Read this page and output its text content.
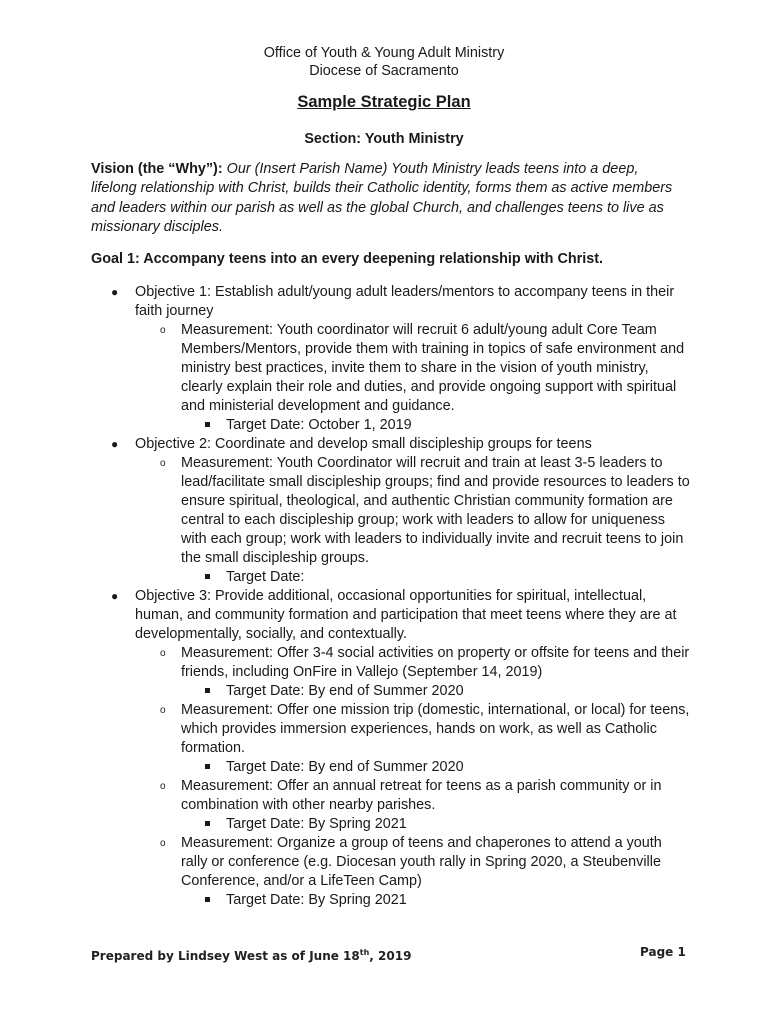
Office of Youth & Young Adult Ministry
Diocese of Sacramento
Sample Strategic Plan
Section: Youth Ministry
Vision (the “Why”): Our (Insert Parish Name) Youth Ministry leads teens into a deep, lifelong relationship with Christ, builds their Catholic identity, forms them as active members and leaders within our parish as well as the global Church, and challenges teens to live as missionary disciples.
Goal 1: Accompany teens into an every deepening relationship with Christ.
● Objective 1: Establish adult/young adult leaders/mentors to accompany teens in their faith journey
o Measurement: Youth coordinator will recruit 6 adult/young adult Core Team Members/Mentors, provide them with training in topics of safe environment and ministry best practices, invite them to share in the vision of youth ministry, clearly explain their role and duties, and provide ongoing support with spiritual and ministerial development and guidance.
Target Date: October 1, 2019
● Objective 2: Coordinate and develop small discipleship groups for teens
o Measurement: Youth Coordinator will recruit and train at least 3-5 leaders to lead/facilitate small discipleship groups; find and provide resources to leaders to ensure spiritual, theological, and authentic Christian community formation are central to each discipleship group; work with leaders to allow for uniqueness with each group; work with leaders to individually invite and recruit teens to join the small discipleship groups.
Target Date:
● Objective 3: Provide additional, occasional opportunities for spiritual, intellectual, human, and community formation and participation that meet teens where they are at developmentally, socially, and contextually.
o Measurement: Offer 3-4 social activities on property or offsite for teens and their friends, including OnFire in Vallejo (September 14, 2019)
Target Date: By end of Summer 2020
o Measurement: Offer one mission trip (domestic, international, or local) for teens, which provides immersion experiences, hands on work, as well as Catholic formation.
Target Date: By end of Summer 2020
o Measurement: Offer an annual retreat for teens as a parish community or in combination with other nearby parishes.
Target Date: By Spring 2021
o Measurement: Organize a group of teens and chaperones to attend a youth rally or conference (e.g. Diocesan youth rally in Spring 2020, a Steubenville Conference, and/or a LifeTeen Camp)
Target Date: By Spring 2021
Prepared by Lindsey West as of June 18th, 2019	Page 1
